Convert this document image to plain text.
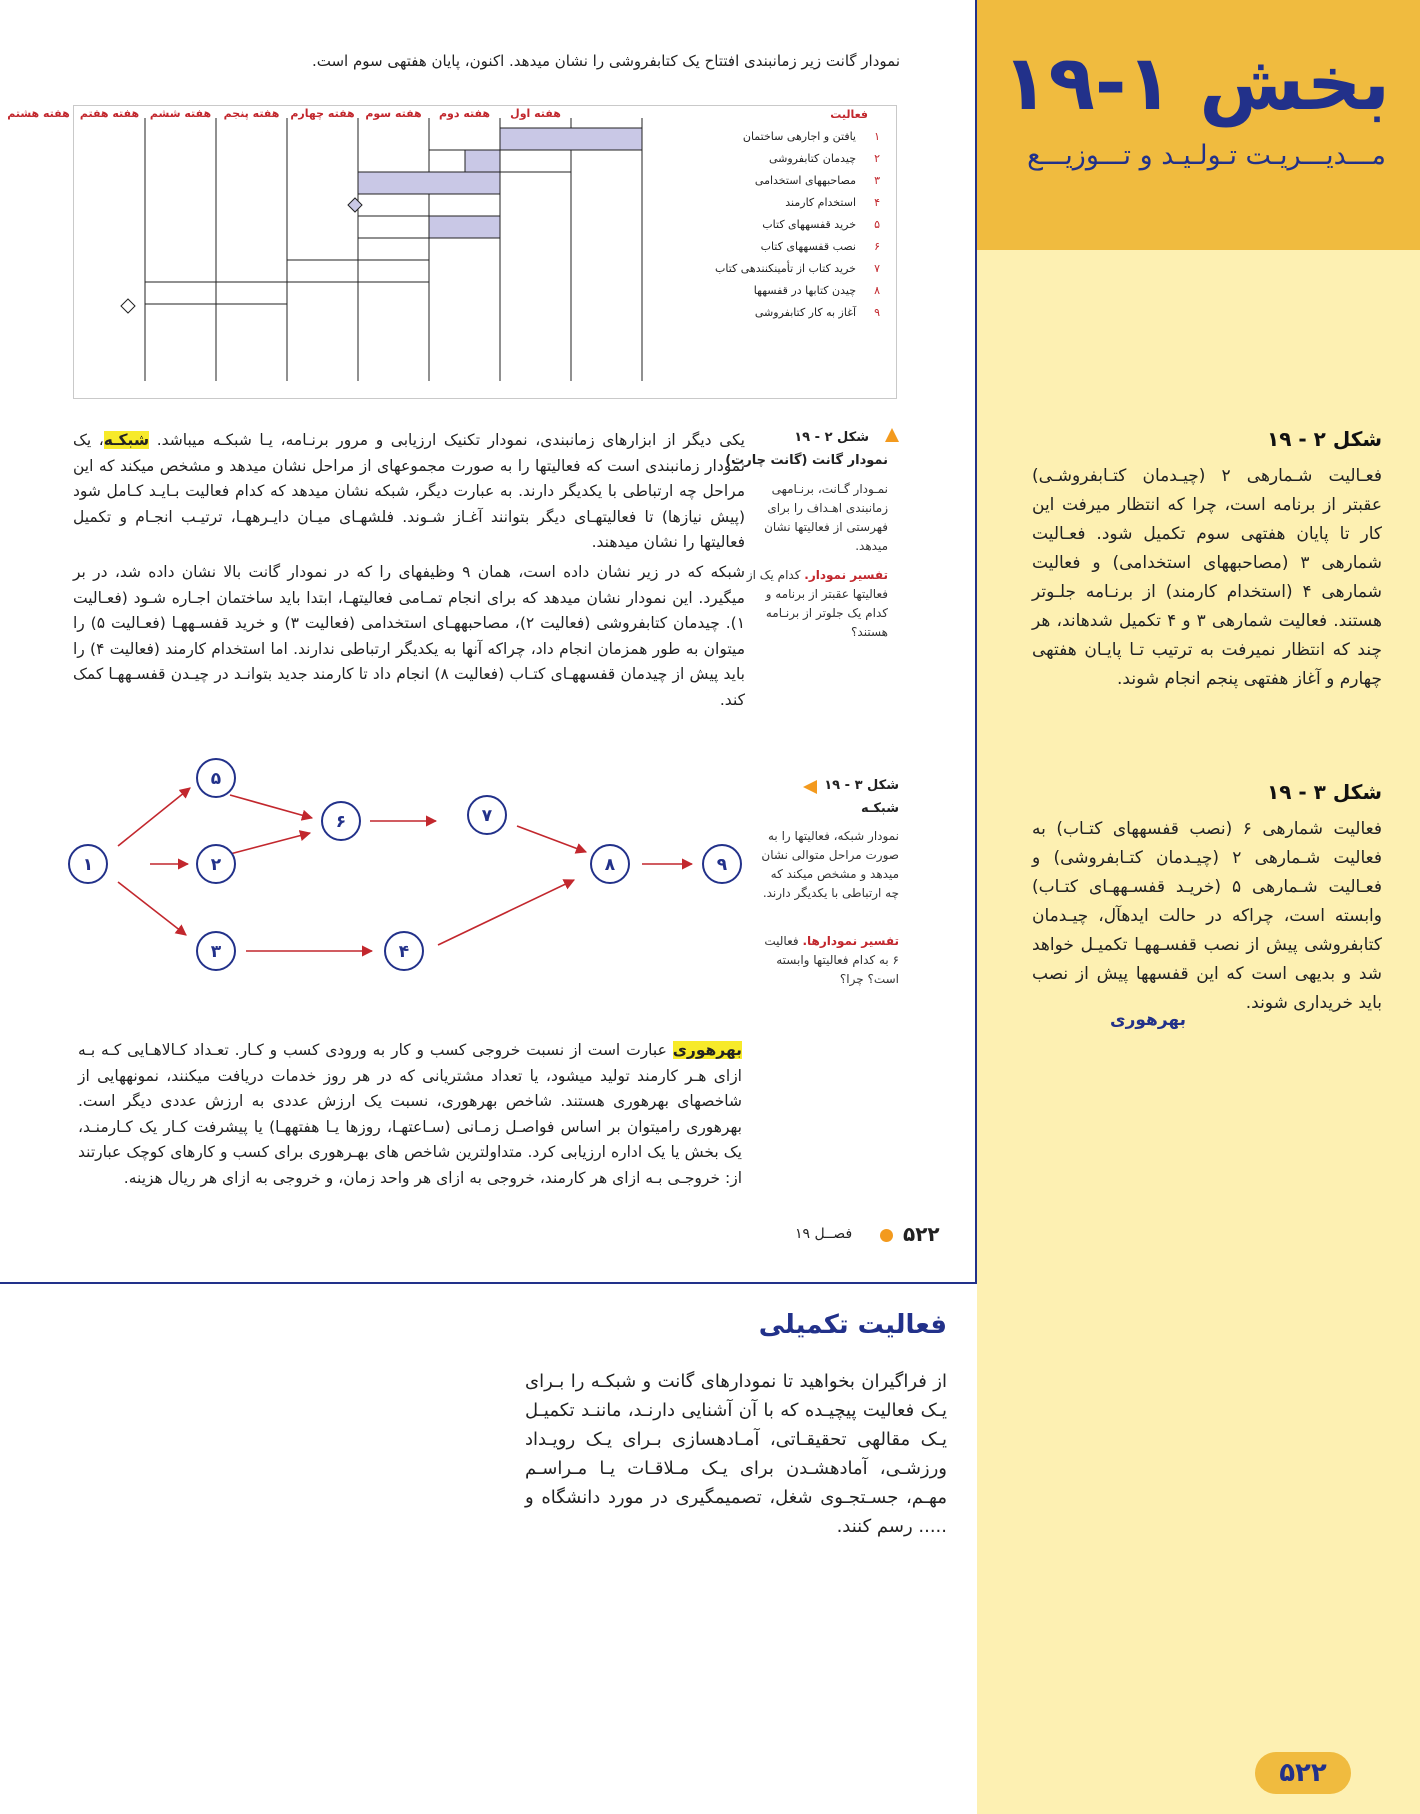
بخش ۱-۱۹
مـــدیـــریـت تـولـیـد و تـــوزیـــع
شکل ۲ - ۱۹
فعـالیت شـمارهی ۲ (چیـدمان کتـابفروشـی) عقبتر از برنامه است، چرا که انتظار میرفت این کار تا پایان هفتهی سوم تکمیل شود. فعـالیت شمارهی ۳ (مصاحبههای استخدامی) و فعالیت شمارهی ۴ (استخدام کارمند) از برنـامه جلـوتر هستند. فعالیت شمارهی ۳ و ۴ تکمیل شدهاند، هر چند که انتظار نمیرفت به ترتیب تـا پایـان هفتهی چهارم و آغاز هفتهی پنجم انجام شوند.
شکل ۳ - ۱۹
فعالیت شمارهی ۶ (نصب قفسههای کتـاب) به فعالیت شـمارهی ۲ (چیـدمان کتـابفروشی) و فعـالیت شـمارهی ۵ (خریـد قفسـههـای کتـاب) وابسته است، چراکه در حالت ایدهآل، چیـدمان کتابفروشی پیش از نصب قفسـههـا تکمیـل خواهد شد و بدیهی است که این قفسهها پیش از نصب باید خریداری شوند.
۵۲۲
نمودار گانت زیر زمانبندی افتتاح یک کتابفروشی را نشان میدهد. اکنون، پایان هفتهی سوم است.
فعالیت
هفته اول
هفته دوم
هفته سوم
هفته چهارم
هفته پنجم
هفته ششم
هفته هفتم
هفته هشتم
۱
یافتن و اجارهی ساختمان
۲
چیدمان کتابفروشی
۳
مصاحبههای استخدامی
۴
استخدام کارمند
۵
خرید قفسههای کتاب
۶
نصب قفسههای کتاب
۷
خرید کتاب از تأمینکنندهی کتاب
۸
چیدن کتابها در قفسهها
۹
آغاز به کار کتابفروشی
شکل ۲ - ۱۹
نمودار گانت (گانت چارت)
نمـودار گـانت، برنـامهی زمانبندی اهـداف را برای فهرستی از فعالیتها نشان میدهد.
تفسیر نمودار. کدام یک از فعالیتها عقبتر از برنامه و کدام یک جلوتر از برنـامه هستند؟
یکی دیگر از ابزارهای زمانبندی، نمودار تکنیک ارزیابی و مرور برنـامه، یـا شبکـه میباشد. شبکـه، یک نمودار زمانبندی است که فعالیتها را به صورت مجموعهای از مراحل نشان میدهد و مشخص میکند که این مراحل چه ارتباطی با یکدیگر دارند. به عبارت دیگر، شبکه نشان میدهد که کدام فعالیت بـایـد کـامل شود (پیش نیازها) تا فعالیتهـای دیگر بتوانند آغـاز شـوند. فلشهـای میـان دایـرههـا، ترتیـب انجـام و تکمیل فعالیتها را نشان میدهند.
شبکه که در زیر نشان داده است، همان ۹ وظیفهای را که در نمودار گانت بالا نشان داده شد، در بر میگیرد. این نمودار نشان میدهد که برای انجام تمـامی فعالیتهـا، ابتدا باید ساختمان اجـاره شـود (فعـالیت ۱). چیدمان کتابفروشی (فعالیت ۲)، مصاحبههـای استخدامی (فعالیت ۳) و خرید قفسـههـا (فعـالیت ۵) را میتوان به طور همزمان انجام داد، چراکه آنها به یکدیگر ارتباطی ندارند. اما استخدام کارمند (فعالیت ۴) را باید پیش از چیدمان قفسههـای کتـاب (فعالیت ۸) انجام داد تا کارمند جدید بتوانـد در چیـدن قفسـههـا کمک کند.
۱	۲
۳	۴
۵
۶	۷
۸	۹
شکل ۳ - ۱۹
شبکـه
نمودار شبکه، فعالیتها را به صورت مراحل متوالی نشان میدهد و مشخص میکند که چه ارتباطی با یکدیگر دارند.
تفسیر نمودارها. فعالیت ۶ به کدام فعالیتها وابسته است؟ چرا؟
بهرهوری
بهرهوری عبارت است از نسبت خروجی کسب و کار به ورودی کسب و کـار. تعـداد کـالاهـایی کـه بـه ازای هـر کارمند تولید میشود، یا تعداد مشتریانی که در هر روز خدمات دریافت میکنند، نمونههایی از شاخصهای بهرهوری هستند. شاخص بهرهوری، نسبت یک ارزش عددی به ارزش عددی دیگر است. بهرهوری رامیتوان بر اساس فواصـل زمـانی (سـاعتهـا، روزها یـا هفتههـا) یا پیشرفت کـار یک کـارمنـد، یک بخش یا یک اداره ارزیابی کرد. متداولترین شاخص های بهـرهوری برای کسب و کارهای کوچک عبارتند از: خروجـی بـه ازای هر کارمند، خروجی به ازای هر واحد زمان، و خروجی به ازای هر ریال هزینه.
۵۲۲
فصــل ۱۹
فعالیت تکمیلی
از فراگیران بخواهید تا نمودارهای گانت و شبکـه را بـرای یـک فعالیت پیچیـده که با آن آشنایی دارنـد، ماننـد تکمیـل یـک مقالهی تحقیقـاتی، آمـادهسازی بـرای یـک رویـداد ورزشـی، آمادهشـدن برای یـک مـلاقـات یـا مـراسـم مهـم، جسـتجـوی شغل، تصمیمگیری در مورد دانشگاه و ..... رسم کنند.
